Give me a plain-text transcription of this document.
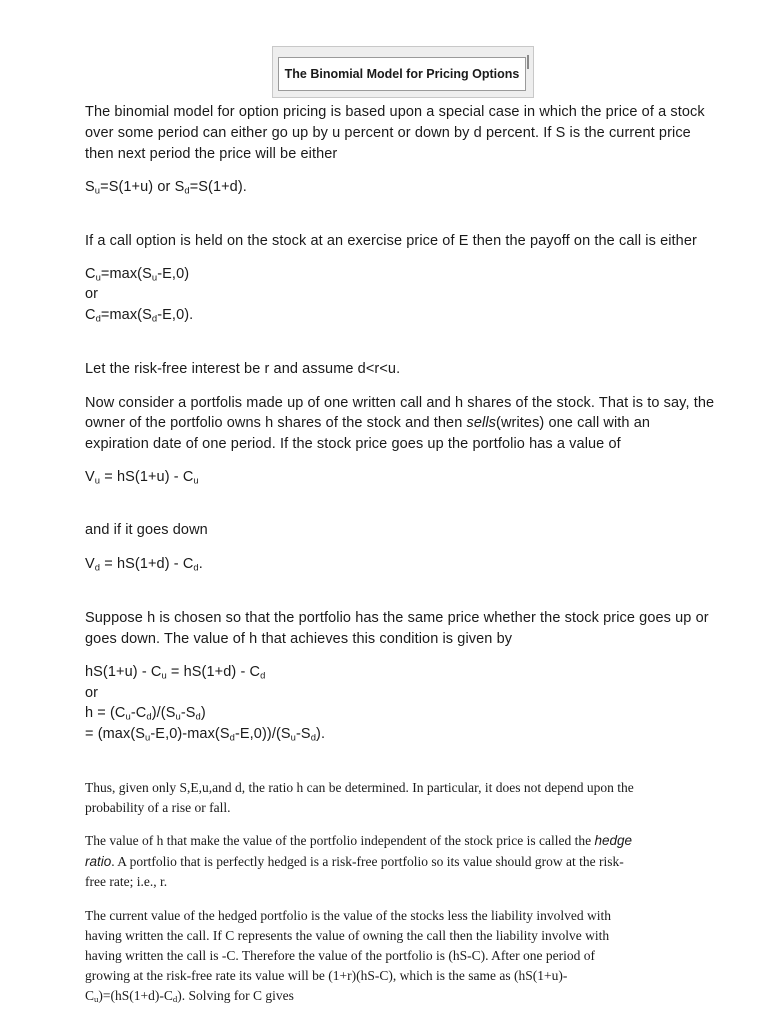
The Binomial Model for Pricing Options
The binomial model for option pricing is based upon a special case in which the price of a stock
over some period can either go up by u percent or down by d percent. If S is the current price
then next period the price will be either
$S_u=S(1+u)$ or $S_d=S(1+d)$.
If a call option is held on the stock at an exercise price of E then the payoff on the call is either
$C_u=\max(S_u-E,0)$
or
$C_d=\max(S_d-E,0)$.
Let the risk-free interest be r and assume d<r<u.
Now consider a portfolis made up of one written call and h shares of the stock. That is to say, the
owner of the portfolio owns h shares of the stock and then sells(writes) one call with an
expiration date of one period. If the stock price goes up the portfolio has a value of
$V_u = hS(1+u) - C_u$
and if it goes down
$V_d = hS(1+d) - C_d$.
Suppose h is chosen so that the portfolio has the same price whether the stock price goes up or
goes down. The value of h that achieves this condition is given by
$hS(1+u) - C_u = hS(1+d) - C_d$
or
$h = (C_u-C_d)/(S_u-S_d)$
= $(\max(S_u-E,0)-\max(S_d-E,0))/(S_u-S_d)$.
Thus, given only S,E,u,and d, the ratio h can be determined. In particular, it does not depend upon the
probability of a rise or fall.
The value of h that make the value of the portfolio independent of the stock price is called the hedge
ratio. A portfolio that is perfectly hedged is a risk-free portfolio so its value should grow at the risk-
free rate; i.e., r.
The current value of the hedged portfolio is the value of the stocks less the liability involved with
having written the call. If C represents the value of owning the call then the liability involve with
having written the call is -C. Therefore the value of the portfolio is (hS-C). After one period of
growing at the risk-free rate its value will be (1+r)(hS-C), which is the same as (hS(1+u)-
$C_u)=(hS(1+d)-C_d)$. Solving for C gives
